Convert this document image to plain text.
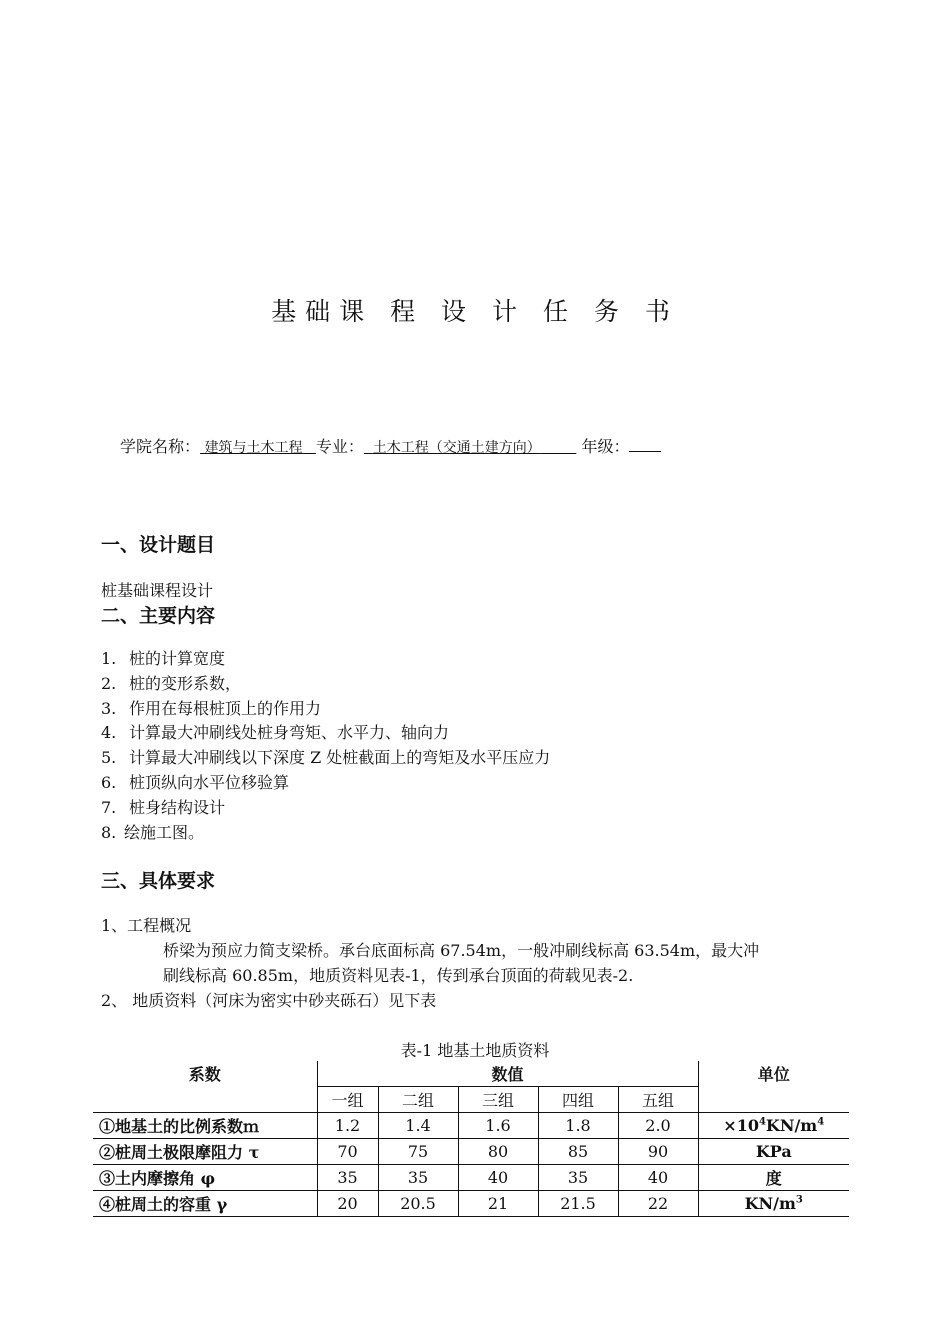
基础课 程 设 计 任 务 书
学院名称： 建筑与土木工程 专业： 土木工程（交通土建方向）	年级：
一、设计题目
桩基础课程设计
二、主要内容
1. 桩的计算宽度
2. 桩的变形系数，
3. 作用在每根桩顶上的作用力
4. 计算最大冲刷线处桩身弯矩、水平力、轴向力
5. 计算最大冲刷线以下深度 Z 处桩截面上的弯矩及水平压应力
6. 桩顶纵向水平位移验算
7. 桩身结构设计
8. 绘施工图。
三、具体要求
1、工程概况
桥梁为预应力简支梁桥。承台底面标高 67.54m，一般冲刷线标高 63.54m，最大冲
刷线标高 60.85m，地质资料见表-1，传到承台顶面的荷载见表-2.
2、 地质资料（河床为密实中砂夹砾石）见下表
表-1 地基土地质资料
系数	数值					单位
	一组	二组	三组	四组	五组	
①地基土的比例系数ｍ	1.2	1.4	1.6	1.8	2.0	$\times 10^4KN/m^4$
②桩周土极限摩阻力 τ	70	75	80	85	90	KPa
③土内摩擦角 φ	35	35	40	35	40	度
④桩周土的容重 γ	20	20.5	21	21.5	22	$KN/m^3$
